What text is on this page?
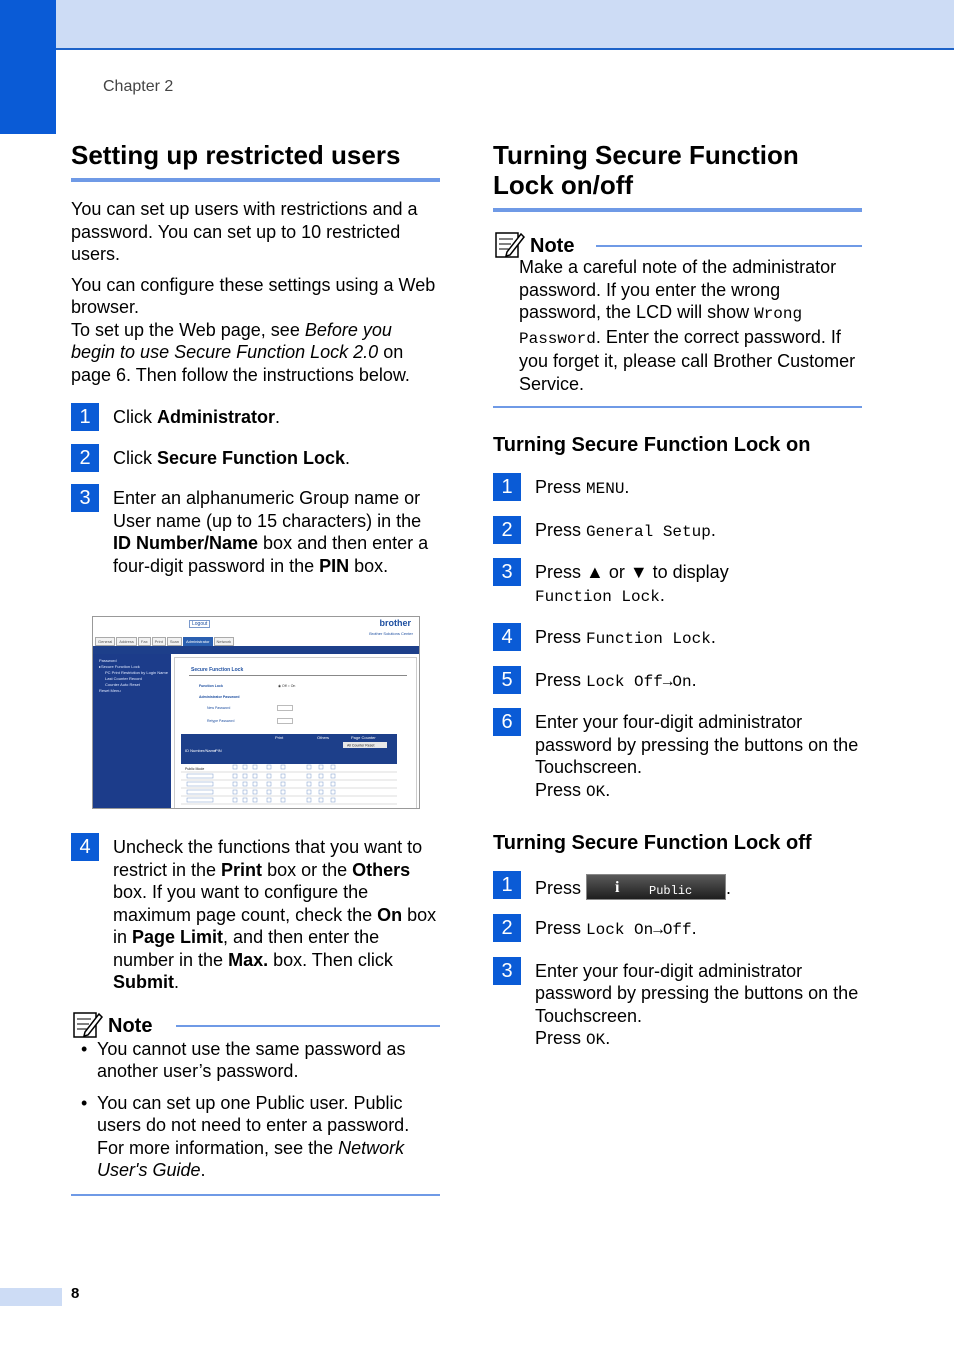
Chapter 2
Setting up restricted users
You can set up users with restrictions and a password. You can set up to 10 restricted users.
You can configure these settings using a Web browser.
To set up the Web page, see Before you begin to use Secure Function Lock 2.0 on page 6. Then follow the instructions below.
1	Click Administrator.
2	Click Secure Function Lock.
3	Enter an alphanumeric Group name or User name (up to 15 characters) in the ID Number/Name box and then enter a four-digit password in the PIN box.
Logout	brother
Brother Solutions Center
General	Address	Fax	Print	Scan	Administrator	Network
Password
▸Secure Function Lock
PC Print Restriction by Login Name
Last Counter Record
Counter Auto Reset
Reset Menu
Secure Function Lock
Function Lock	◉ Off ○ On
Administrator Password
New Password
Retype Password
ID Number/Name
PIN
Print	Others	Page Counter
All Counter Reset
Public Mode
4	Uncheck the functions that you want to restrict in the Print box or the Others box. If you want to configure the maximum page count, check the On box in Page Limit, and then enter the number in the Max. box. Then click Submit.
Note
• You cannot use the same password as another user’s password.
• You can set up one Public user. Public users do not need to enter a password. For more information, see the Network User's Guide.
Turning Secure Function Lock on/off
Note
Make a careful note of the administrator password. If you enter the wrong password, the LCD will show Wrong Password. Enter the correct password. If you forget it, please call Brother Customer Service.
Turning Secure Function Lock on
1	Press MENU.
2	Press General Setup.
3	Press ▲ or ▼ to display
Function Lock.
4	Press Function Lock.
5	Press Lock Off→On.
6	Enter your four-digit administrator password by pressing the buttons on the Touchscreen.
Press OK.
Turning Secure Function Lock off
1	Press i Public .
2	Press Lock On→Off.
3	Enter your four-digit administrator password by pressing the buttons on the Touchscreen.
Press OK.
8
